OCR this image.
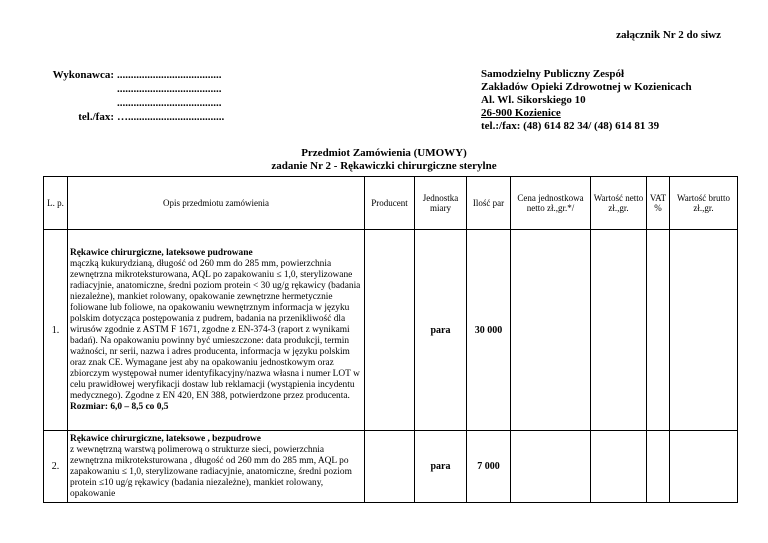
załącznik Nr 2 do siwz
Wykonawca: ......................................
......................................
......................................
tel./fax: …...................................
Samodzielny Publiczny Zespół
Zakładów Opieki Zdrowotnej w Kozienicach
Al. Wl. Sikorskiego 10
26-900 Kozienice
tel.:/fax: (48) 614 82 34/ (48) 614 81 39
Przedmiot Zamówienia (UMOWY)
zadanie Nr 2 - Rękawiczki chirurgiczne sterylne
L. p.	Opis przedmiotu zamówienia	Producent	Jednostka miary	Ilość par	Cena jednostkowa netto zł.,gr.*/	Wartość netto zł.,gr.	VAT %	Wartość brutto zł.,gr.
1.	Rękawice chirurgiczne, lateksowe pudrowane
mączką kukurydzianą, długość od 260 mm do 285 mm, powierzchnia zewnętrzna mikroteksturowana, AQL po zapakowaniu ≤ 1,0, sterylizowane radiacyjnie, anatomiczne, średni poziom protein < 30 ug/g rękawicy (badania niezależne), mankiet rolowany, opakowanie zewnętrzne hermetycznie foliowane lub foliowe, na opakowaniu wewnętrznym informacja w języku polskim dotycząca postępowania z pudrem, badania na przenikliwość dla wirusów zgodnie z ASTM F 1671, zgodne z EN-374-3 (raport z wynikami badań). Na opakowaniu powinny być umieszczone: data produkcji, termin ważności, nr serii, nazwa i adres producenta, informacja w języku polskim oraz znak CE. Wymagane jest aby na opakowaniu jednostkowym oraz zbiorczym występował numer identyfikacyjny/nazwa własna i numer LOT w celu prawidłowej weryfikacji dostaw lub reklamacji (wystąpienia incydentu medycznego). Zgodne z EN 420, EN 388, potwierdzone przez producenta.
Rozmiar: 6,0 – 8,5 co 0,5		para	30 000				
2.	Rękawice chirurgiczne, lateksowe , bezpudrowe
z wewnętrzną warstwą polimerową o strukturze sieci, powierzchnia zewnętrzna mikroteksturowana , długość od 260 mm do 285 mm, AQL po zapakowaniu ≤ 1,0, sterylizowane radiacyjnie, anatomiczne, średni poziom protein ≤10 ug/g rękawicy (badania niezależne), mankiet rolowany, opakowanie		para	7 000				
